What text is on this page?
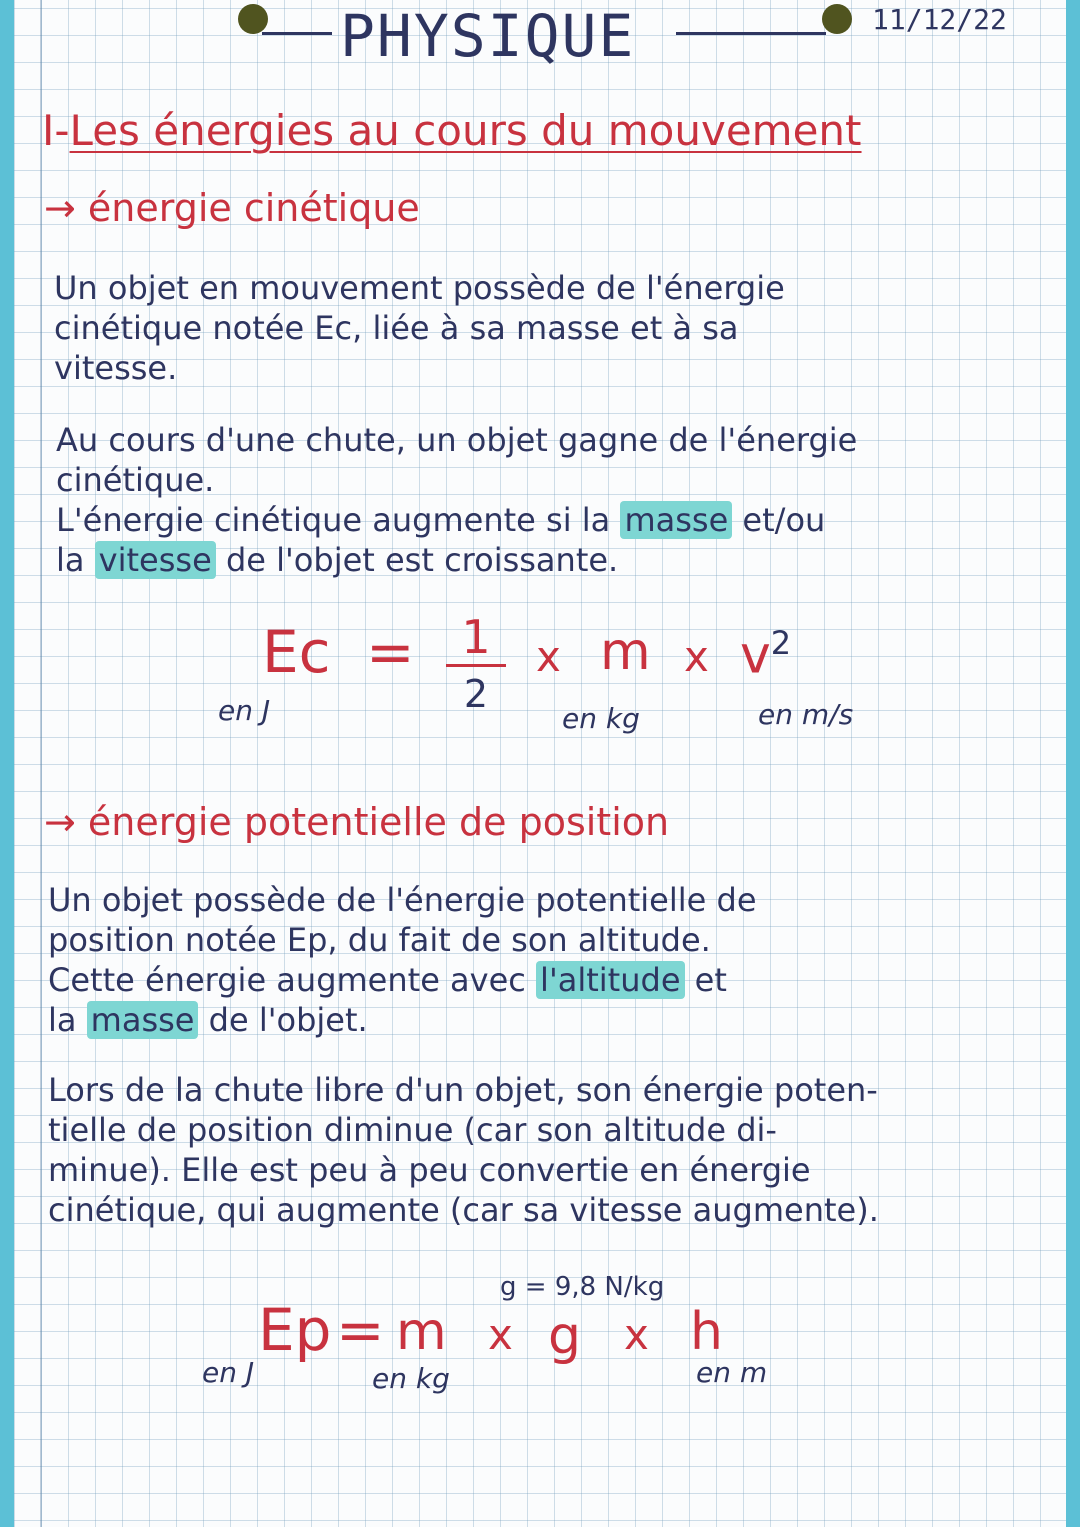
PHYSIQUE	11/12/22
I-Les énergies au cours du mouvement
→ énergie cinétique

Un objet en mouvement possède de l'énergie

cinétique notée Ec, liée à sa masse et à sa

vitesse.

Au cours d'une chute, un objet gagne de l'énergie

cinétique.

L'énergie cinétique augmente si la masse et/ou

la vitesse de l'objet est croissante.

Ec =	1
2
x m x $v^2$
en J	en kg	en m/s
→ énergie potentielle de position

Un objet possède de l'énergie potentielle de

position notée Ep, du fait de son altitude.

Cette énergie augmente avec l'altitude et

la masse de l'objet.

Lors de la chute libre d'un objet, son énergie poten-

tielle de position diminue (car son altitude di-

minue). Elle est peu à peu convertie en énergie

cinétique, qui augmente (car sa vitesse augmente).

g = 9,8 N/kg
Ep = m x g x h
en J	en kg	en m
